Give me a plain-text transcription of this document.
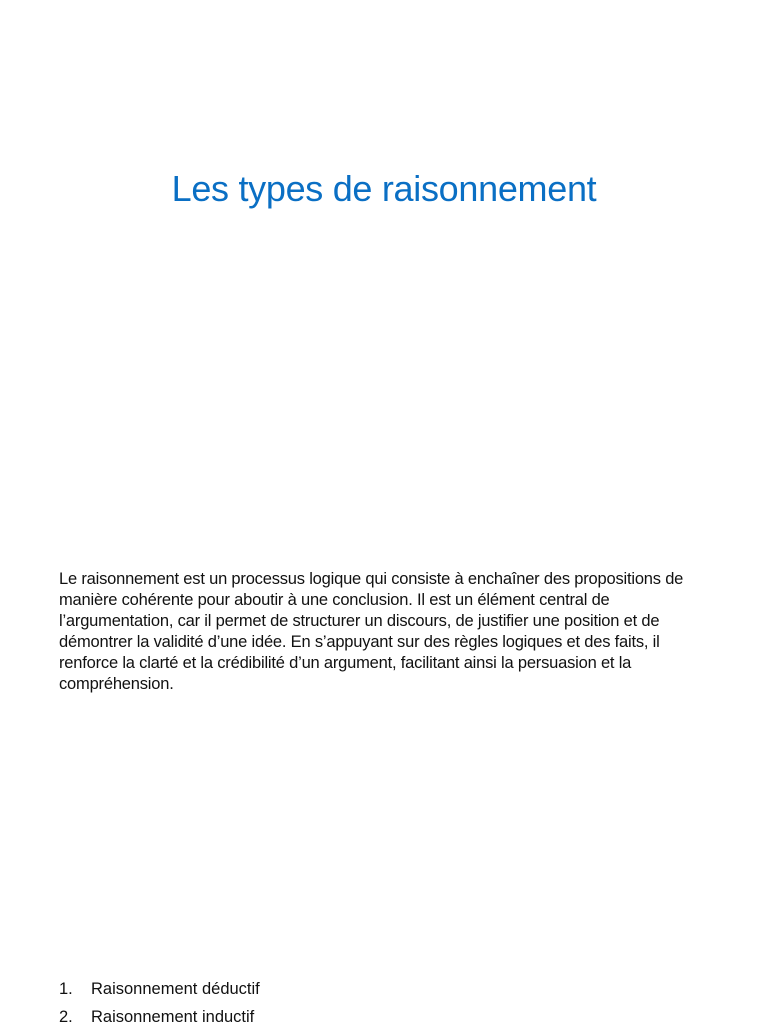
Les types de raisonnement

Le raisonnement est un processus logique qui consiste à enchaîner des propositions de manière cohérente pour aboutir à une conclusion. Il est un élément central de l’argumentation, car il permet de structurer un discours, de justifier une position et de démontrer la validité d’une idée. En s’appuyant sur des règles logiques et des faits, il renforce la clarté et la crédibilité d’un argument, facilitant ainsi la persuasion et la compréhension.

1.	Raisonnement déductif
2.	Raisonnement inductif
